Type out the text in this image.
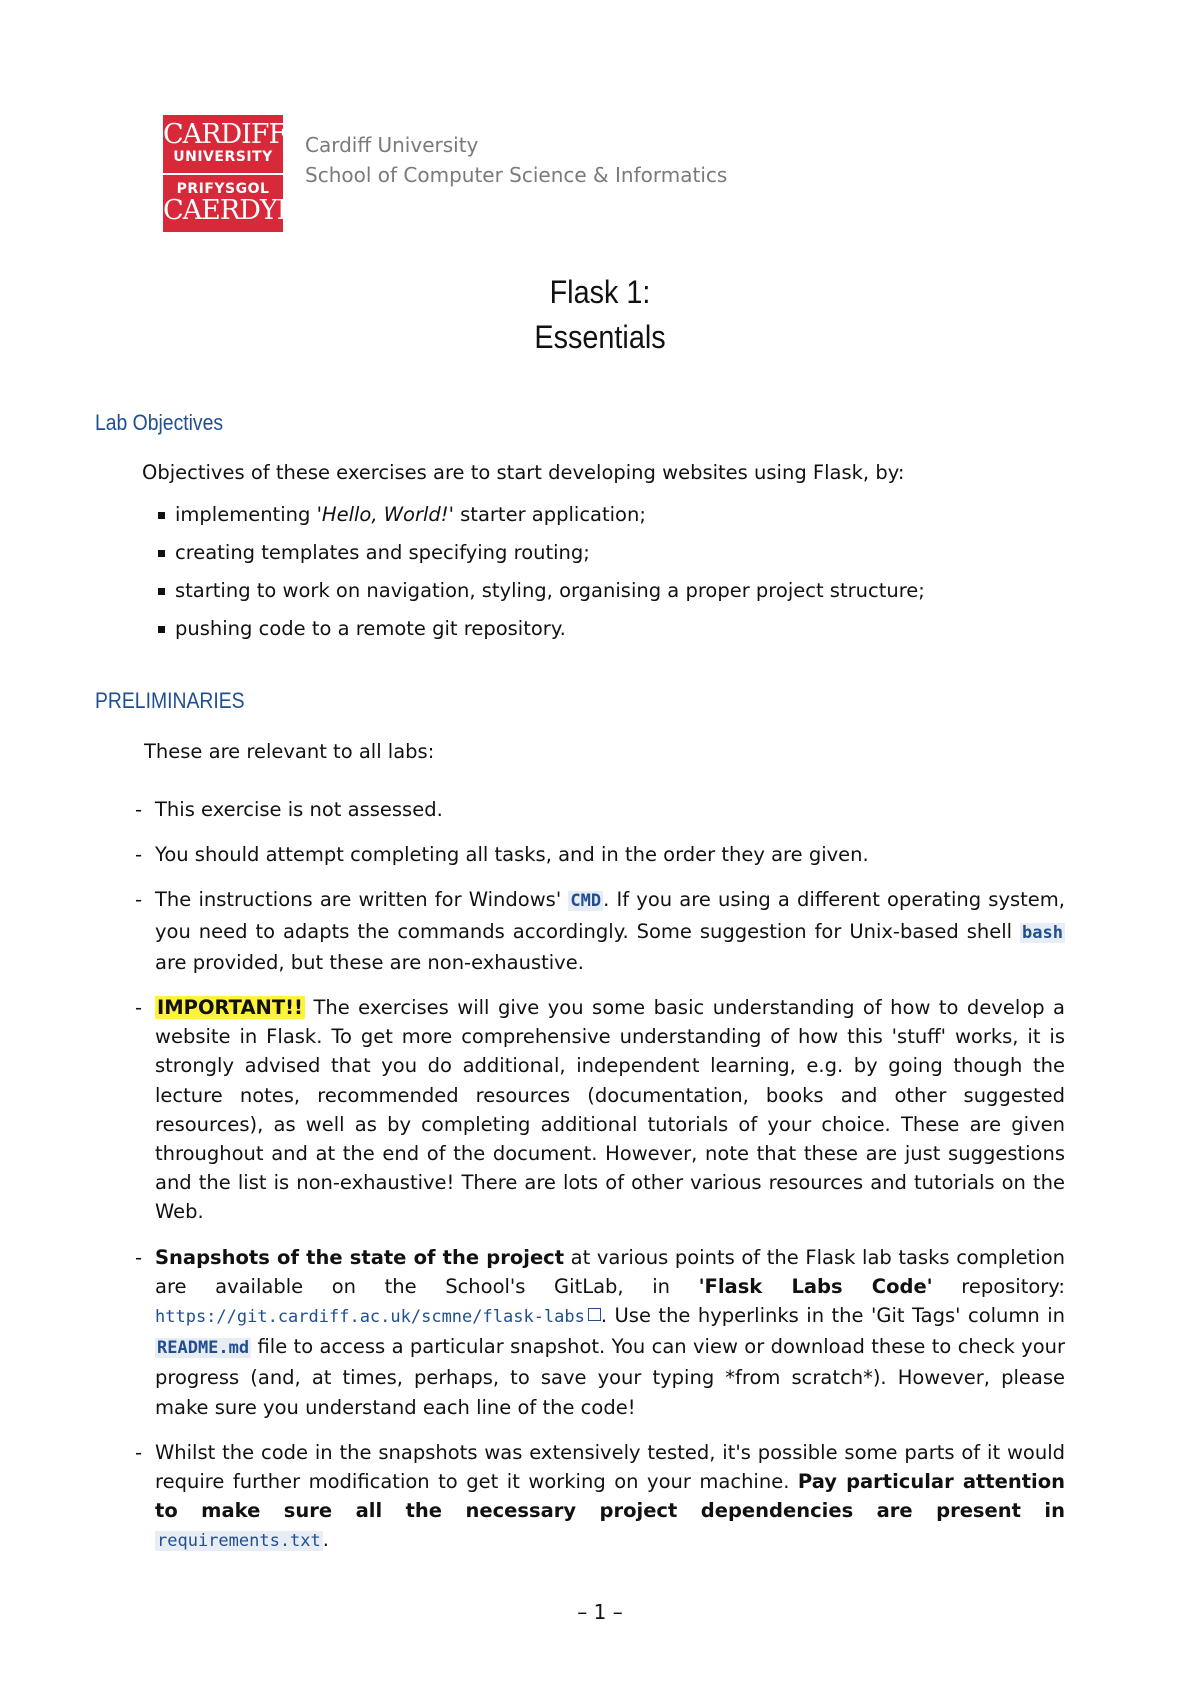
CARDIFF
UNIVERSITY
PRIFYSGOL
CAERDYD
Cardiff University
School of Computer Science & Informatics
Flask 1:
Essentials
Lab Objectives
Objectives of these exercises are to start developing websites using Flask, by:
implementing 'Hello, World!' starter application;
creating templates and specifying routing;
starting to work on navigation, styling, organising a proper project structure;
pushing code to a remote git repository.
PRELIMINARIES
These are relevant to all labs:
- This exercise is not assessed.
- You should attempt completing all tasks, and in the order they are given.
- The instructions are written for Windows' CMD . If you are using a different operating system, you need to adapts the commands accordingly. Some suggestion for Unix-based shell bash are provided, but these are non-exhaustive.
- IMPORTANT!! The exercises will give you some basic understanding of how to develop a website in Flask. To get more comprehensive understanding of how this 'stuff' works, it is strongly advised that you do additional, independent learning, e.g. by going though the lecture notes, recommended resources (documentation, books and other suggested resources), as well as by completing additional tutorials of your choice. These are given throughout and at the end of the document. However, note that these are just suggestions and the list is non-exhaustive! There are lots of other various resources and tutorials on the Web.
- Snapshots of the state of the project at various points of the Flask lab tasks completion are available on the School's GitLab, in 'Flask Labs Code' repository: https://git.cardiff.ac.uk/scmne/flask-labs . Use the hyperlinks in the 'Git Tags' column in README.md file to access a particular snapshot. You can view or download these to check your progress (and, at times, perhaps, to save your typing *from scratch*). However, please make sure you understand each line of the code!
- Whilst the code in the snapshots was extensively tested, it's possible some parts of it would require further modification to get it working on your machine. Pay particular attention to make sure all the necessary project dependencies are present in requirements.txt .
– 1 –
